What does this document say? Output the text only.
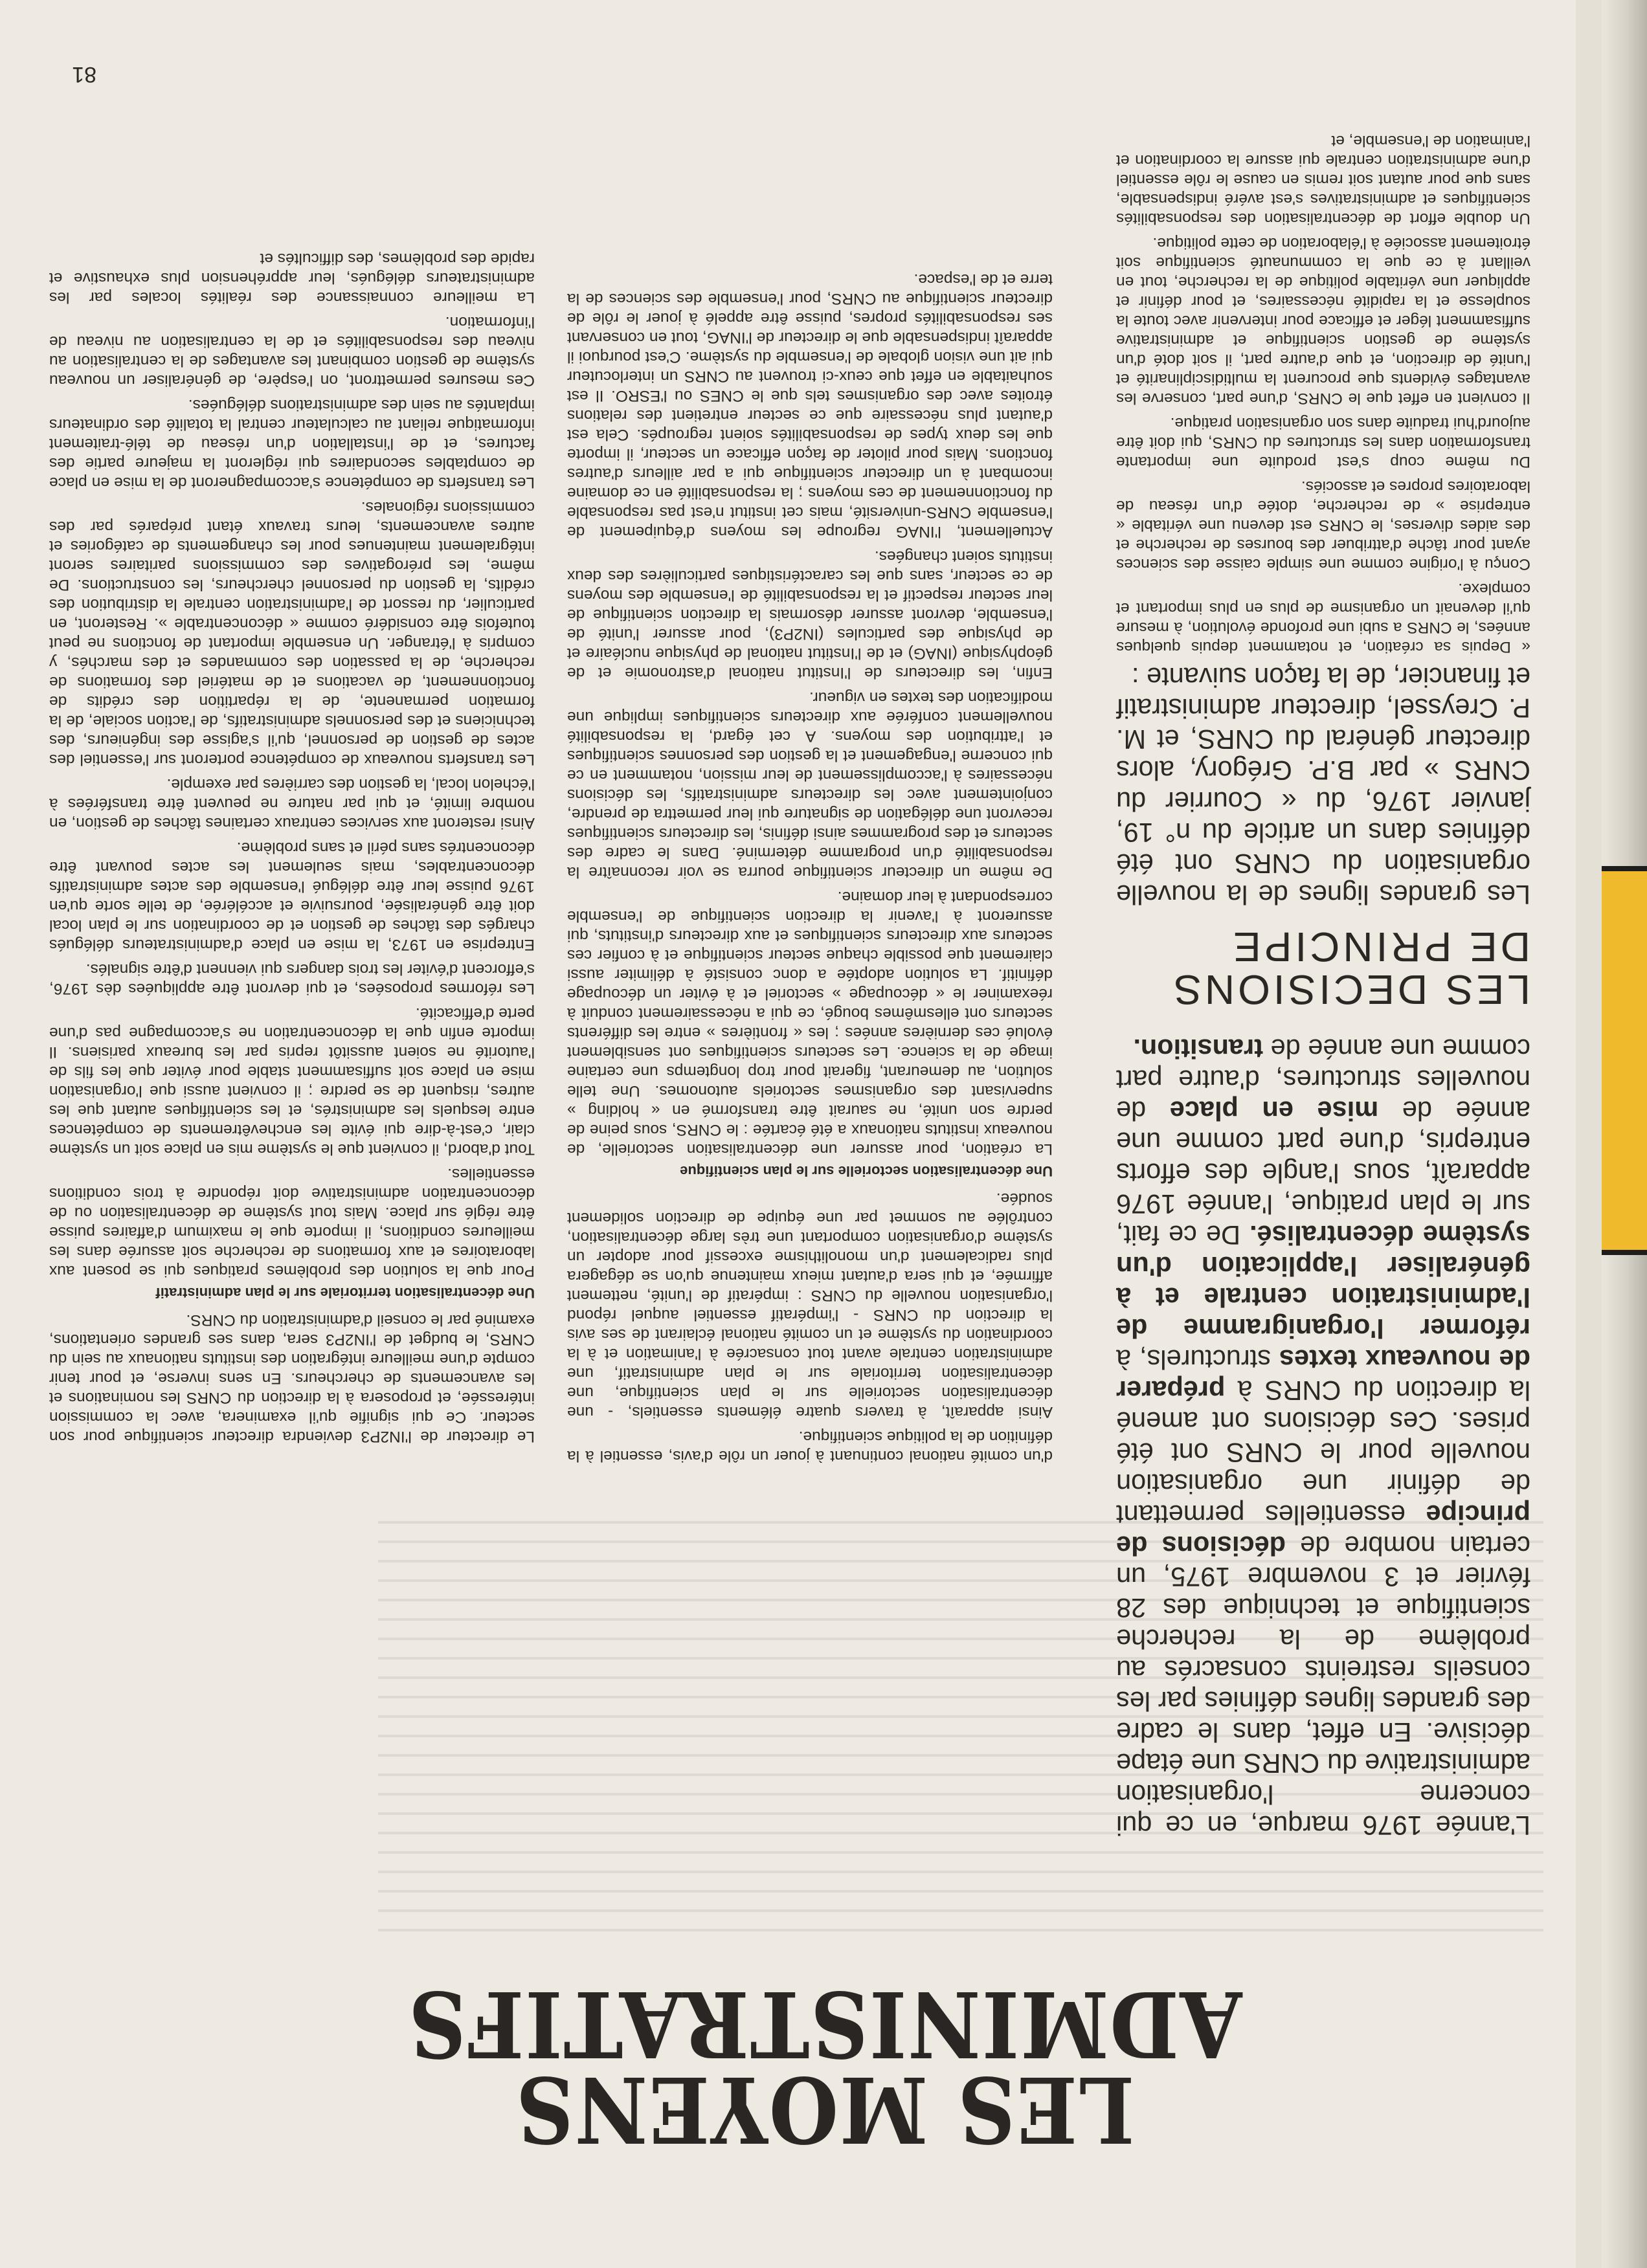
LES MOYENS
ADMINISTRATIFS

L'année 1976 marque, en ce qui concerne l'organisation administrative du CNRS une étape décisive. En effet, dans le cadre des grandes lignes définies par les conseils restreints consacrés au problème de la recherche scientifique et technique des 28 février et 3 novembre 1975, un certain nombre de décisions de principe essentielles permettant de définir une organisation nouvelle pour le CNRS ont été prises. Ces décisions ont amené la direction du CNRS à préparer de nouveaux textes structurels, à réformer l'organigramme de l'administration centrale et à généraliser l'application d'un système décentralisé. De ce fait, sur le plan pratique, l'année 1976 apparaît, sous l'angle des efforts entrepris, d'une part comme une année de mise en place de nouvelles structures, d'autre part comme une année de transition.

LES DECISIONS
DE PRINCIPE

Les grandes lignes de la nouvelle organisation du CNRS ont été définies dans un article du n° 19, janvier 1976, du « Courrier du CNRS » par B.P. Grégory, alors directeur général du CNRS, et M. P. Creyssel, directeur administratif et financier, de la façon suivante :

« Depuis sa création, et notamment depuis quelques années, le CNRS a subi une profonde évolution, à mesure qu'il devenait un organisme de plus en plus important et complexe.

Conçu à l'origine comme une simple caisse des sciences ayant pour tâche d'attribuer des bourses de recherche et des aides diverses, le CNRS est devenu une véritable « entreprise » de recherche, dotée d'un réseau de laboratoires propres et associés.

Du même coup s'est produite une importante transformation dans les structures du CNRS, qui doit être aujourd'hui traduite dans son organisation pratique.

Il convient en effet que le CNRS, d'une part, conserve les avantages évidents que procurent la multidisciplinarité et l'unité de direction, et que d'autre part, il soit doté d'un système de gestion scientifique et administrative suffisamment léger et efficace pour intervenir avec toute la souplesse et la rapidité nécessaires, et pour définir et appliquer une véritable politique de la recherche, tout en veillant à ce que la communauté scientifique soit étroitement associée à l'élaboration de cette politique.

Un double effort de décentralisation des responsabilités scientifiques et administratives s'est avéré indispensable, sans que pour autant soit remis en cause le rôle essentiel d'une administration centrale qui assure la coordination et l'animation de l'ensemble, et

d'un comité national continuant à jouer un rôle d'avis, essentiel à la définition de la politique scientifique.

Ainsi apparaît, à travers quatre éléments essentiels, - une décentralisation sectorielle sur le plan scientifique, une décentralisation territoriale sur le plan administratif, une administration centrale avant tout consacrée à l'animation et à la coordination du système et un comité national éclairant de ses avis la direction du CNRS - l'impératif essentiel auquel répond l'organisation nouvelle du CNRS : impératif de l'unité, nettement affirmée, et qui sera d'autant mieux maintenue qu'on se dégagera plus radicalement d'un monolithisme excessif pour adopter un système d'organisation comportant une très large décentralisation, contrôlée au sommet par une équipe de direction solidement soudée.

Une décentralisation sectorielle sur le plan scientifique

La création, pour assurer une décentralisation sectorielle, de nouveaux instituts nationaux a été écartée : le CNRS, sous peine de perdre son unité, ne saurait être transformé en « holding » supervisant des organismes sectoriels autonomes. Une telle solution, au demeurant, figerait pour trop longtemps une certaine image de la science. Les secteurs scientifiques ont sensiblement évolué ces dernières années ; les « frontières » entre les différents secteurs ont ellesmêmes bougé, ce qui a nécessairement conduit à réexaminer le « découpage » sectoriel et à éviter un découpage définitif. La solution adoptée a donc consisté à délimiter aussi clairement que possible chaque secteur scientifique et à confier ces secteurs aux directeurs scientifiques et aux directeurs d'instituts, qui assureront à l'avenir la direction scientifique de l'ensemble correspondant à leur domaine.

De même un directeur scientifique pourra se voir reconnaître la responsabilité d'un programme déterminé. Dans le cadre des secteurs et des programmes ainsi définis, les directeurs scientifiques recevront une délégation de signature qui leur permettra de prendre, conjointement avec les directeurs administratifs, les décisions nécessaires à l'accomplissement de leur mission, notamment en ce qui concerne l'engagement et la gestion des personnes scientifiques et l'attribution des moyens. A cet égard, la responsabilité nouvellement conférée aux directeurs scientifiques implique une modification des textes en vigueur.

Enfin, les directeurs de l'Institut national d'astronomie et de géophysique (INAG) et de l'Institut national de physique nucléaire et de physique des particules (IN2P3), pour assurer l'unité de l'ensemble, devront assurer désormais la direction scientifique de leur secteur respectif et la responsabilité de l'ensemble des moyens de ce secteur, sans que les caractéristiques particulières des deux instituts soient changées.

Actuellement, l'INAG regroupe les moyens d'équipement de l'ensemble CNRS-université, mais cet institut n'est pas responsable du fonctionnement de ces moyens ; la responsabilité en ce domaine incombant à un directeur scientifique qui a par ailleurs d'autres fonctions. Mais pour piloter de façon efficace un secteur, il importe que les deux types de responsabilités soient regroupés. Cela est d'autant plus nécessaire que ce secteur entretient des relations étroites avec des organismes tels que le CNES ou l'ESRO. Il est souhaitable en effet que ceux-ci trouvent au CNRS un interlocuteur qui ait une vision globale de l'ensemble du système. C'est pourquoi il apparaît indispensable que le directeur de l'INAG, tout en conservant ses responsabilités propres, puisse être appelé à jouer le rôle de directeur scientifique au CNRS, pour l'ensemble des sciences de la terre et de l'espace.

Le directeur de l'IN2P3 deviendra directeur scientifique pour son secteur. Ce qui signifie qu'il examinera, avec la commission intéressée, et proposera à la direction du CNRS les nominations et les avancements de chercheurs. En sens inverse, et pour tenir compte d'une meilleure intégration des instituts nationaux au sein du CNRS, le budget de l'IN2P3 sera, dans ses grandes orientations, examiné par le conseil d'administration du CNRS.

Une décentralisation territoriale sur le plan administratif

Pour que la solution des problèmes pratiques qui se posent aux laboratoires et aux formations de recherche soit assurée dans les meilleures conditions, il importe que le maximum d'affaires puisse être réglé sur place. Mais tout système de décentralisation ou de déconcentration administrative doit répondre à trois conditions essentielles.

Tout d'abord, il convient que le système mis en place soit un système clair, c'est-à-dire qui évite les enchevêtrements de compétences entre lesquels les administrés, et les scientifiques autant que les autres, risquent de se perdre ; il convient aussi que l'organisation mise en place soit suffisamment stable pour éviter que les fils de l'autorité ne soient aussitôt repris par les bureaux parisiens. Il importe enfin que la déconcentration ne s'accompagne pas d'une perte d'efficacité.

Les réformes proposées, et qui devront être appliquées dès 1976, s'efforcent d'éviter les trois dangers qui viennent d'être signalés.

Entreprise en 1973, la mise en place d'administrateurs délégués chargés des tâches de gestion et de coordination sur le plan local doit être généralisée, poursuivie et accélérée, de telle sorte qu'en 1976 puisse leur être délégué l'ensemble des actes administratifs déconcentrables, mais seulement les actes pouvant être déconcentrés sans péril et sans problème.

Ainsi resteront aux services centraux certaines tâches de gestion, en nombre limité, et qui par nature ne peuvent être transférées à l'échelon local, la gestion des carrières par exemple.

Les transferts nouveaux de compétence porteront sur l'essentiel des actes de gestion de personnel, qu'il s'agisse des ingénieurs, des techniciens et des personnels administratifs, de l'action sociale, de la formation permanente, de la répartition des crédits de fonctionnement, de vacations et de matériel des formations de recherche, de la passation des commandes et des marchés, y compris à l'étranger. Un ensemble important de fonctions ne peut toutefois être considéré comme « déconcentrable ». Resteront, en particulier, du ressort de l'administration centrale la distribution des crédits, la gestion du personnel chercheurs, les constructions. De même, les prérogatives des commissions paritaires seront intégralement maintenues pour les changements de catégories et autres avancements, leurs travaux étant préparés par des commissions régionales.

Les transferts de compétence s'accompagneront de la mise en place de comptables secondaires qui régleront la majeure partie des factures, et de l'installation d'un réseau de télé-traitement informatique reliant au calculateur central la totalité des ordinateurs implantés au sein des administrations déléguées.

Ces mesures permettront, on l'espère, de généraliser un nouveau système de gestion combinant les avantages de la centralisation au niveau des responsabilités et de la centralisation au niveau de l'information.

La meilleure connaissance des réalités locales par les administrateurs délégués, leur appréhension plus exhaustive et rapide des problèmes, des difficultés et

81
